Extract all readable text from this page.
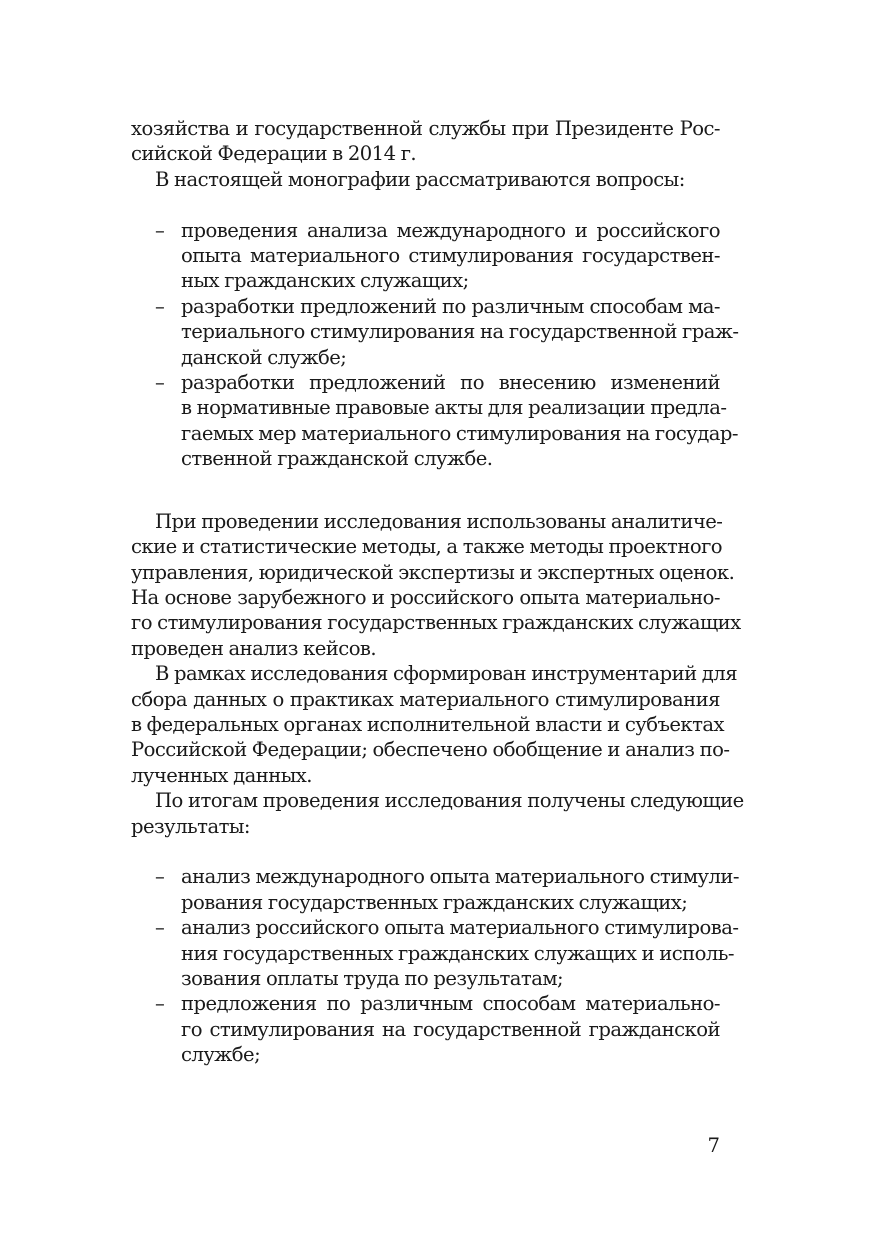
хозяйства и государственной службы при Президенте Рос-
сийской Федерации в 2014 г.
В настоящей монографии рассматриваются вопросы:
– проведения анализа международного и российского
опыта материального стимулирования государствен-
ных гражданских служащих;
– разработки предложений по различным способам ма-
териального стимулирования на государственной граж-
данской службе;
– разработки предложений по внесению изменений
в нормативные правовые акты для реализации предла-
гаемых мер материального стимулирования на государ-
ственной гражданской службе.
При проведении исследования использованы аналитиче-
ские и статистические методы, а также методы проектного
управления, юридической экспертизы и экспертных оценок.
На основе зарубежного и российского опыта материально-
го стимулирования государственных гражданских служащих
проведен анализ кейсов.
В рамках исследования сформирован инструментарий для
сбора данных о практиках материального стимулирования
в федеральных органах исполнительной власти и субъектах
Российской Федерации; обеспечено обобщение и анализ по-
лученных данных.
По итогам проведения исследования получены следующие
результаты:
– анализ международного опыта материального стимули-
рования государственных гражданских служащих;
– анализ российского опыта материального стимулирова-
ния государственных гражданских служащих и исполь-
зования оплаты труда по результатам;
– предложения по различным способам материально-
го стимулирования на государственной гражданской
службе;
7
